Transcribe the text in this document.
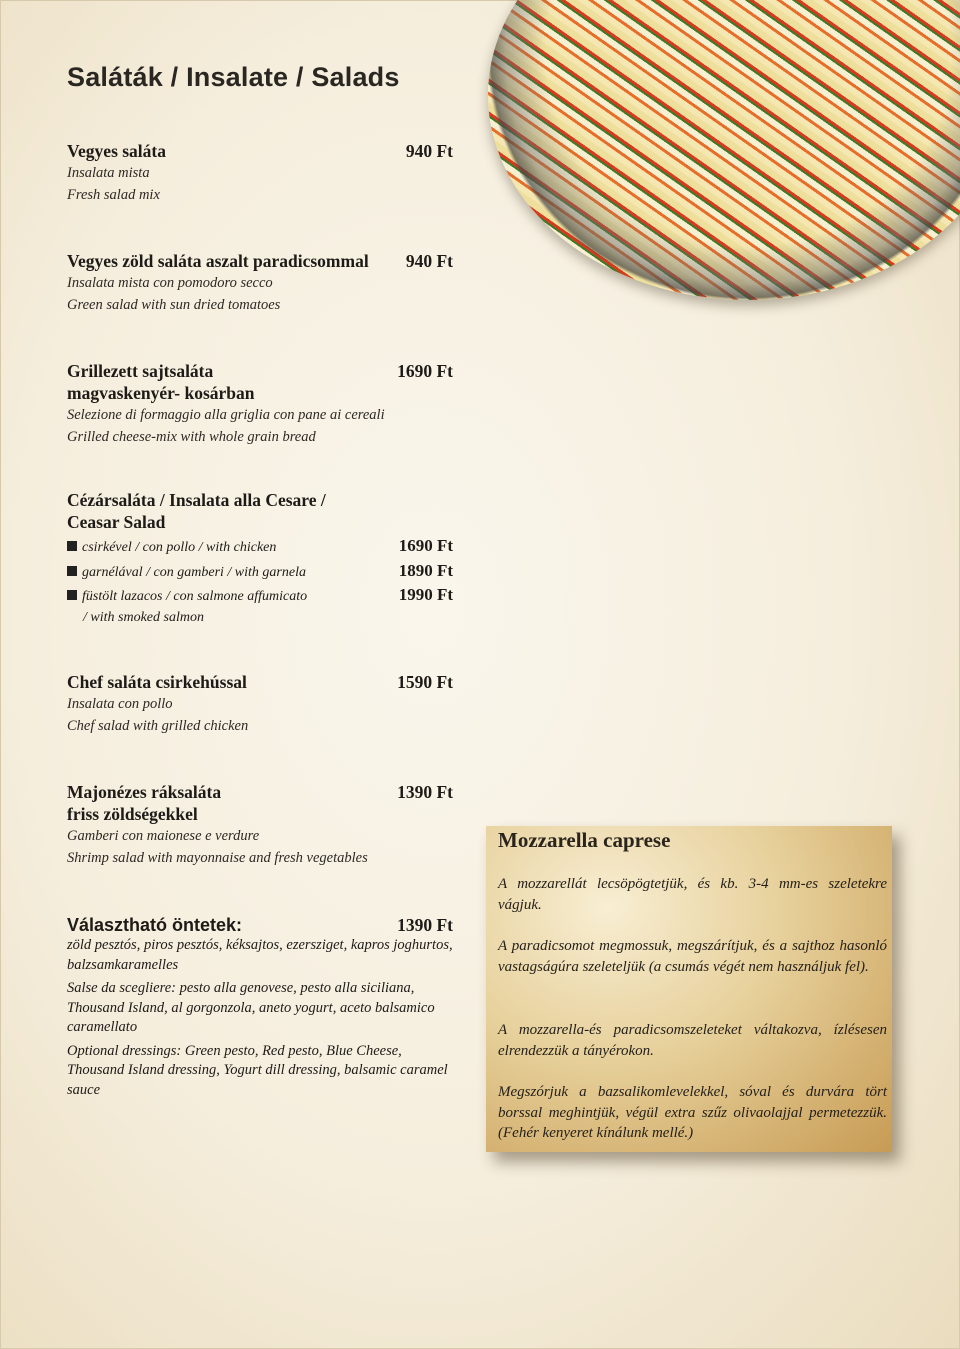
Saláták / Insalate / Salads
Vegyes saláta	940 Ft
Insalata mista
Fresh salad mix
Vegyes zöld saláta aszalt paradicsommal 940 Ft
Insalata mista con pomodoro secco
Green salad with sun dried tomatoes
Grillezett sajtsaláta	1690 Ft
magvaskenyér- kosárban
Selezione di formaggio alla griglia con pane ai cereali
Grilled cheese-mix with whole grain bread
Cézársaláta / Insalata alla Cesare /
Ceasar Salad
csirkével / con pollo / with chicken	1690 Ft
garnélával / con gamberi / with garnela	1890 Ft
füstölt lazacos / con salmone affumicato	1990 Ft
/ with smoked salmon
Chef saláta csirkehússal	1590 Ft
Insalata con pollo
Chef salad with grilled chicken
Majonézes ráksaláta	1390 Ft
friss zöldségekkel
Gamberi con maionese e verdure
Shrimp salad with mayonnaise and fresh vegetables
Választható öntetek:	1390 Ft
zöld pesztós, piros pesztós, kéksajtos, ezersziget, kapros joghurtos, balzsamkaramelles
Salse da scegliere: pesto alla genovese, pesto alla siciliana, Thousand Island, al gorgonzola, aneto yogurt, aceto balsamico caramellato
Optional dressings: Green pesto, Red pesto, Blue Cheese, Thousand Island dressing, Yogurt dill dressing, balsamic caramel sauce
Mozzarella caprese

A mozzarellát lecsöpögtetjük, és kb. 3-4 mm-es szeletekre vágjuk.

A paradicsomot megmossuk, megszárítjuk, és a sajthoz hasonló vastagságúra szeleteljük (a csumás végét nem használjuk fel).

A mozzarella-és paradicsomszeleteket váltakozva, ízlésesen elrendezzük a tányérokon.

Megszórjuk a bazsalikomlevelekkel, sóval és durvára tört borssal meghintjük, végül extra szűz olivaolajjal permetezzük. (Fehér kenyeret kínálunk mellé.)
